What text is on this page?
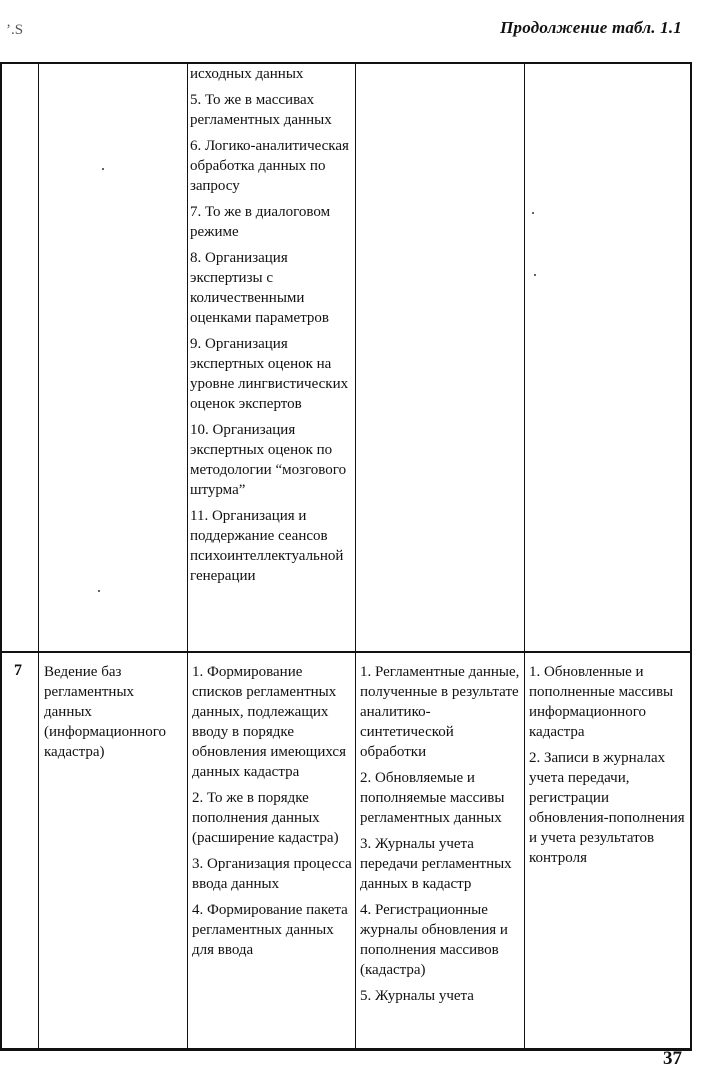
’.Ѕ	Продолжение табл. 1.1

исходных данных

5. То же в массивах регламентных данных

6. Логико-аналитическая обработка данных по запросу

7. То же в диалоговом режиме

8. Организация экспертизы с количественными оценками параметров

9. Организация экспертных оценок на уровне лингвистических оценок экспертов

10. Организация экспертных оценок по методологии “мозгового штурма”

11. Организация и поддержание сеансов психоинтеллектуальной генерации

7 Ведение баз регламентных данных (информационного кадастра)

1. Формирование списков регламентных данных, подлежащих вводу в порядке обновления имеющихся данных кадастра

2. То же в порядке пополнения данных (расширение кадастра)

3. Организация процесса ввода данных

4. Формирование пакета регламентных данных для ввода

1. Регламентные данные, полученные в результате аналитико-синтетической обработки

2. Обновляемые и пополняемые массивы регламентных данных

3. Журналы учета передачи регламентных данных в кадастр

4. Регистрационные журналы обновления и пополнения массивов (кадастра)

5. Журналы учета

1. Обновленные и пополненные массивы информационного кадастра

2. Записи в журналах учета передачи, регистрации обновления-пополнения и учета результатов контроля

37
